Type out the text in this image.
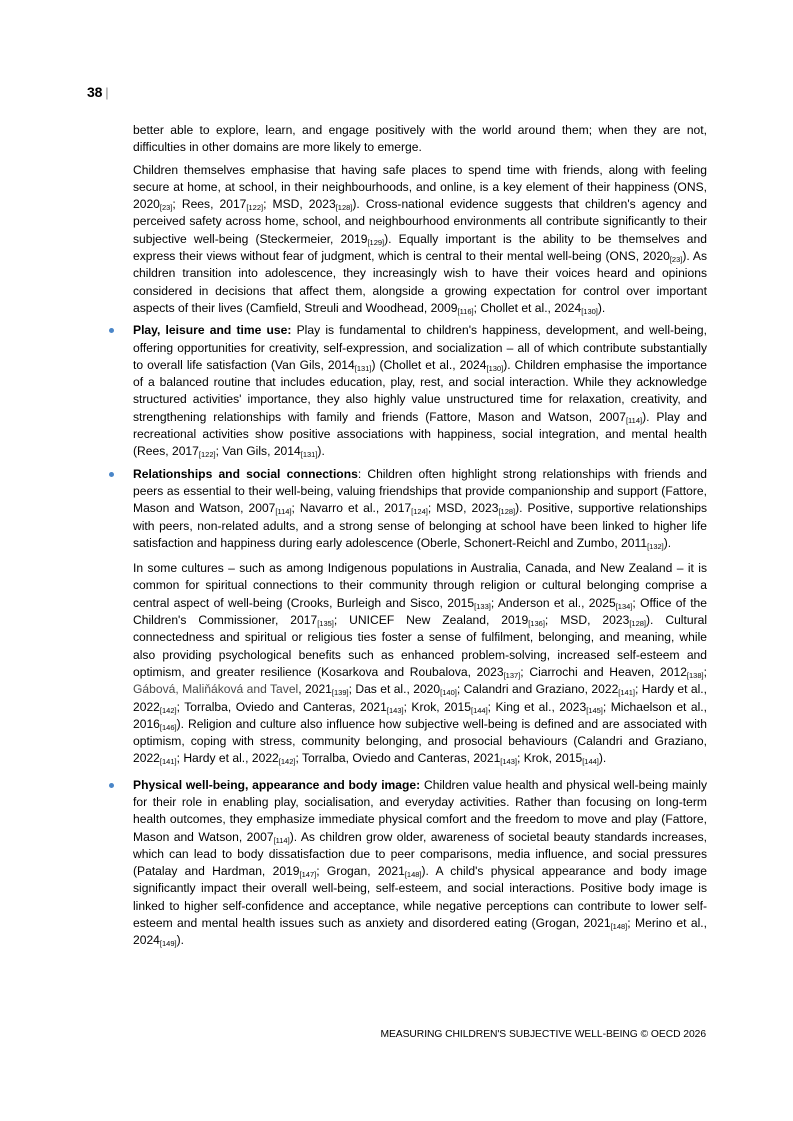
38 |

better able to explore, learn, and engage positively with the world around them; when they are not, difficulties in other domains are more likely to emerge.

Children themselves emphasise that having safe places to spend time with friends, along with feeling secure at home, at school, in their neighbourhoods, and online, is a key element of their happiness (ONS, $2020_{[23]}$; Rees, $2017_{[122]}$; MSD, $2023_{[128]}$). Cross-national evidence suggests that children's agency and perceived safety across home, school, and neighbourhood environments all contribute significantly to their subjective well-being (Steckermeier, $2019_{[129]}$). Equally important is the ability to be themselves and express their views without fear of judgment, which is central to their mental well-being (ONS, $2020_{[23]}$). As children transition into adolescence, they increasingly wish to have their voices heard and opinions considered in decisions that affect them, alongside a growing expectation for control over important aspects of their lives (Camfield, Streuli and Woodhead, $2009_{[116]}$; Chollet et al., $2024_{[130]}$).

Play, leisure and time use: Play is fundamental to children's happiness, development, and well-being, offering opportunities for creativity, self-expression, and socialization – all of which contribute substantially to overall life satisfaction (Van Gils, $2014_{[131]}$) (Chollet et al., $2024_{[130]}$). Children emphasise the importance of a balanced routine that includes education, play, rest, and social interaction. While they acknowledge structured activities' importance, they also highly value unstructured time for relaxation, creativity, and strengthening relationships with family and friends (Fattore, Mason and Watson, $2007_{[114]}$). Play and recreational activities show positive associations with happiness, social integration, and mental health (Rees, $2017_{[122]}$; Van Gils, $2014_{[131]}$).
Relationships and social connections: Children often highlight strong relationships with friends and peers as essential to their well-being, valuing friendships that provide companionship and support (Fattore, Mason and Watson, $2007_{[114]}$; Navarro et al., $2017_{[124]}$; MSD, $2023_{[128]}$). Positive, supportive relationships with peers, non-related adults, and a strong sense of belonging at school have been linked to higher life satisfaction and happiness during early adolescence (Oberle, Schonert-Reichl and Zumbo, $2011_{[132]}$).

In some cultures – such as among Indigenous populations in Australia, Canada, and New Zealand – it is common for spiritual connections to their community through religion or cultural belonging comprise a central aspect of well-being (Crooks, Burleigh and Sisco, $2015_{[133]}$; Anderson et al., $2025_{[134]}$; Office of the Children's Commissioner, $2017_{[135]}$; UNICEF New Zealand, $2019_{[136]}$; MSD, $2023_{[128]}$). Cultural connectedness and spiritual or religious ties foster a sense of fulfilment, belonging, and meaning, while also providing psychological benefits such as enhanced problem-solving, increased self-esteem and optimism, and greater resilience (Kosarkova and Roubalova, $2023_{[137]}$; Ciarrochi and Heaven, $2012_{[138]}$; Gábová, Maliňáková and Tavel, $2021_{[139]}$; Das et al., $2020_{[140]}$; Calandri and Graziano, $2022_{[141]}$; Hardy et al., $2022_{[142]}$; Torralba, Oviedo and Canteras, $2021_{[143]}$; Krok, $2015_{[144]}$; King et al., $2023_{[145]}$; Michaelson et al., $2016_{[146]}$). Religion and culture also influence how subjective well-being is defined and are associated with optimism, coping with stress, community belonging, and prosocial behaviours (Calandri and Graziano, $2022_{[141]}$; Hardy et al., $2022_{[142]}$; Torralba, Oviedo and Canteras, $2021_{[143]}$; Krok, $2015_{[144]}$).

Physical well-being, appearance and body image: Children value health and physical well-being mainly for their role in enabling play, socialisation, and everyday activities. Rather than focusing on long-term health outcomes, they emphasize immediate physical comfort and the freedom to move and play (Fattore, Mason and Watson, $2007_{[114]}$). As children grow older, awareness of societal beauty standards increases, which can lead to body dissatisfaction due to peer comparisons, media influence, and social pressures (Patalay and Hardman, $2019_{[147]}$; Grogan, $2021_{[148]}$). A child's physical appearance and body image significantly impact their overall well-being, self-esteem, and social interactions. Positive body image is linked to higher self-confidence and acceptance, while negative perceptions can contribute to lower self-esteem and mental health issues such as anxiety and disordered eating (Grogan, $2021_{[148]}$; Merino et al., $2024_{[149]}$).
MEASURING CHILDREN'S SUBJECTIVE WELL-BEING © OECD 2026
